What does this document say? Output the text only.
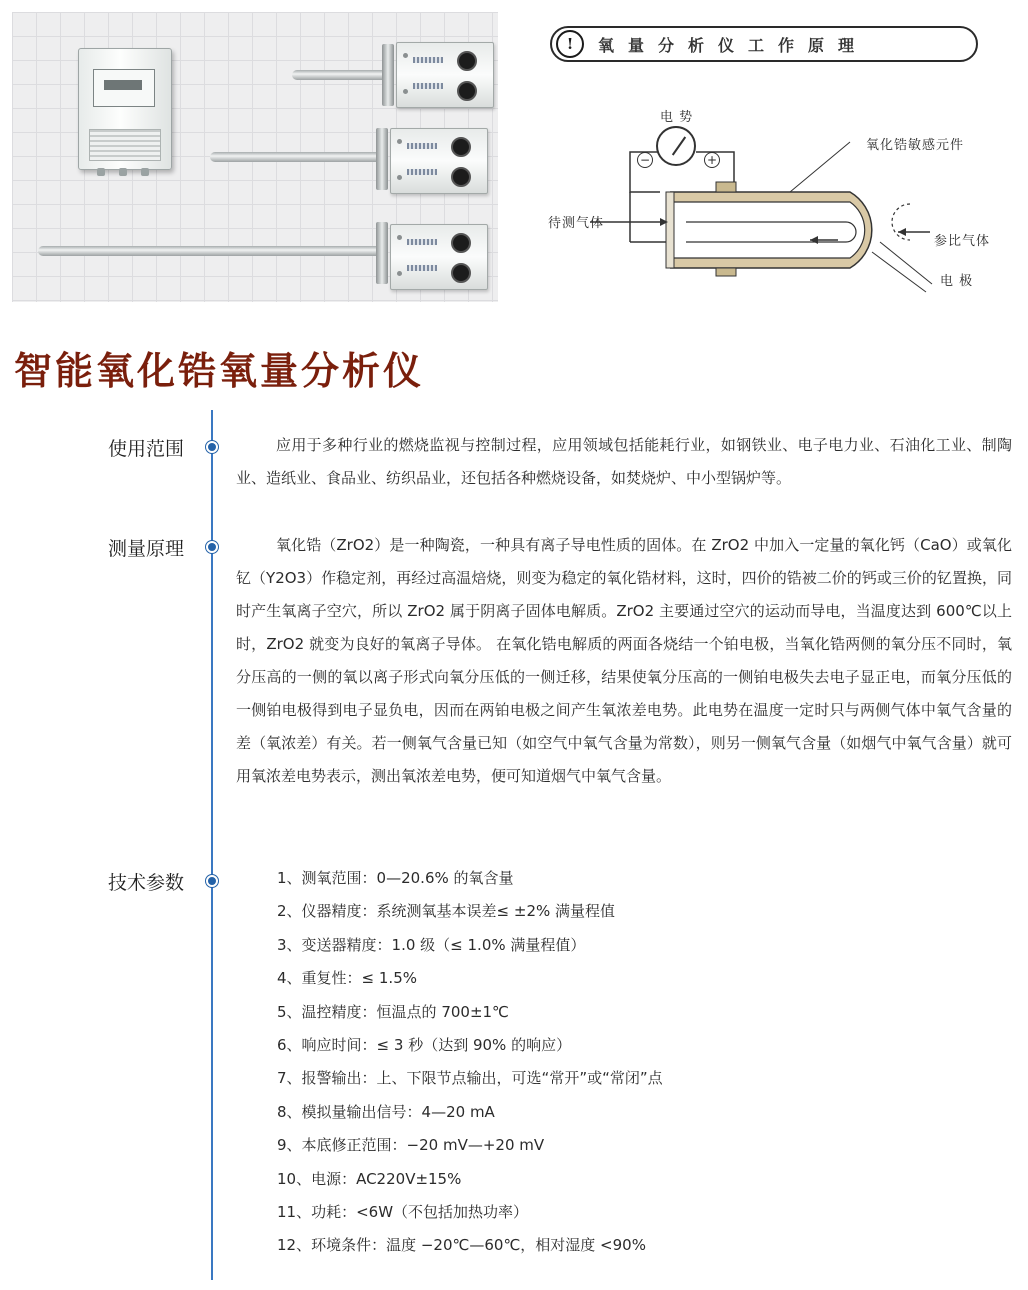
!	氧量分析仪工作原理
−	+
电 势
氧化锆敏感元件
待测气体
参比气体
电 极
智能氧化锆氧量分析仪
使用范围	应用于多种行业的燃烧监视与控制过程，应用领域包括能耗行业，如钢铁业、电子电力业、石油化工业、制陶业、造纸业、食品业、纺织品业，还包括各种燃烧设备，如焚烧炉、中小型锅炉等。

测量原理	氧化锆（ZrO2）是一种陶瓷，一种具有离子导电性质的固体。在 ZrO2 中加入一定量的氧化钙（CaO）或氧化钇（Y2O3）作稳定剂，再经过高温焙烧，则变为稳定的氧化锆材料，这时，四价的锆被二价的钙或三价的钇置换，同时产生氧离子空穴，所以 ZrO2 属于阴离子固体电解质。ZrO2 主要通过空穴的运动而导电，当温度达到 600℃以上时，ZrO2 就变为良好的氧离子导体。 在氧化锆电解质的两面各烧结一个铂电极，当氧化锆两侧的氧分压不同时，氧分压高的一侧的氧以离子形式向氧分压低的一侧迁移，结果使氧分压高的一侧铂电极失去电子显正电，而氧分压低的一侧铂电极得到电子显负电，因而在两铂电极之间产生氧浓差电势。此电势在温度一定时只与两侧气体中氧气含量的差（氧浓差）有关。若一侧氧气含量已知（如空气中氧气含量为常数），则另一侧氧气含量（如烟气中氧气含量）就可用氧浓差电势表示，测出氧浓差电势，便可知道烟气中氧气含量。

技术参数	1、测氧范围：0—20.6% 的氧含量
2、仪器精度：系统测氧基本误差≤ ±2% 满量程值
3、变送器精度：1.0 级（≤ 1.0% 满量程值）
4、重复性：≤ 1.5%
5、温控精度：恒温点的 700±1℃
6、响应时间：≤ 3 秒（达到 90% 的响应）
7、报警输出：上、下限节点输出，可选“常开”或“常闭”点
8、模拟量输出信号：4—20 mA
9、本底修正范围：−20 mV—+20 mV
10、电源：AC220V±15%
11、功耗：<6W（不包括加热功率）
12、环境条件：温度 −20℃—60℃，相对湿度 <90%
